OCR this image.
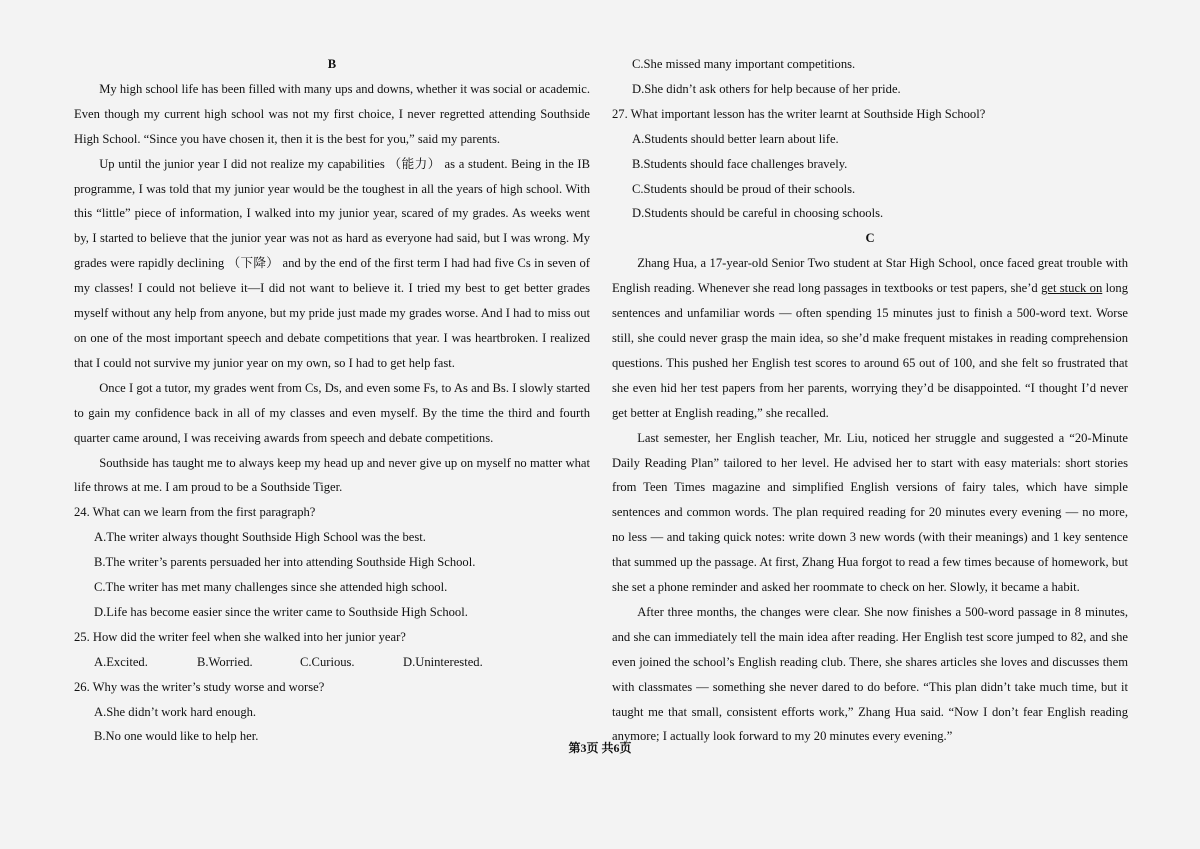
B

My high school life has been filled with many ups and downs, whether it was social or academic. Even though my current high school was not my first choice, I never regretted attending Southside High School. “Since you have chosen it, then it is the best for you,” said my parents.

Up until the junior year I did not realize my capabilities （能力） as a student. Being in the IB programme, I was told that my junior year would be the toughest in all the years of high school. With this “little” piece of information, I walked into my junior year, scared of my grades. As weeks went by, I started to believe that the junior year was not as hard as everyone had said, but I was wrong. My grades were rapidly declining （下降） and by the end of the first term I had had five Cs in seven of my classes! I could not believe it—I did not want to believe it. I tried my best to get better grades myself without any help from anyone, but my pride just made my grades worse. And I had to miss out on one of the most important speech and debate competitions that year. I was heartbroken. I realized that I could not survive my junior year on my own, so I had to get help fast.

Once I got a tutor, my grades went from Cs, Ds, and even some Fs, to As and Bs. I slowly started to gain my confidence back in all of my classes and even myself. By the time the third and fourth quarter came around, I was receiving awards from speech and debate competitions.

Southside has taught me to always keep my head up and never give up on myself no matter what life throws at me. I am proud to be a Southside Tiger.

24. What can we learn from the first paragraph?

A.The writer always thought Southside High School was the best.

B.The writer’s parents persuaded her into attending Southside High School.

C.The writer has met many challenges since she attended high school.

D.Life has become easier since the writer came to Southside High School.

25. How did the writer feel when she walked into her junior year?

A.Excited.	B.Worried.	C.Curious.	D.Uninterested.

26. Why was the writer’s study worse and worse?

A.She didn’t work hard enough.

B.No one would like to help her.

C.She missed many important competitions.

D.She didn’t ask others for help because of her pride.

27. What important lesson has the writer learnt at Southside High School?

A.Students should better learn about life.

B.Students should face challenges bravely.

C.Students should be proud of their schools.

D.Students should be careful in choosing schools.

C

Zhang Hua, a 17-year-old Senior Two student at Star High School, once faced great trouble with English reading. Whenever she read long passages in textbooks or test papers, she’d get stuck on long sentences and unfamiliar words — often spending 15 minutes just to finish a 500-word text. Worse still, she could never grasp the main idea, so she’d make frequent mistakes in reading comprehension questions. This pushed her English test scores to around 65 out of 100, and she felt so frustrated that she even hid her test papers from her parents, worrying they’d be disappointed. “I thought I’d never get better at English reading,” she recalled.

Last semester, her English teacher, Mr. Liu, noticed her struggle and suggested a “20-Minute Daily Reading Plan” tailored to her level. He advised her to start with easy materials: short stories from Teen Times magazine and simplified English versions of fairy tales, which have simple sentences and common words. The plan required reading for 20 minutes every evening — no more, no less — and taking quick notes: write down 3 new words (with their meanings) and 1 key sentence that summed up the passage. At first, Zhang Hua forgot to read a few times because of homework, but she set a phone reminder and asked her roommate to check on her. Slowly, it became a habit.

After three months, the changes were clear. She now finishes a 500-word passage in 8 minutes, and she can immediately tell the main idea after reading. Her English test score jumped to 82, and she even joined the school’s English reading club. There, she shares articles she loves and discusses them with classmates — something she never dared to do before. “This plan didn’t take much time, but it taught me that small, consistent efforts work,” Zhang Hua said. “Now I don’t fear English reading anymore; I actually look forward to my 20 minutes every evening.”

第3页 共6页
